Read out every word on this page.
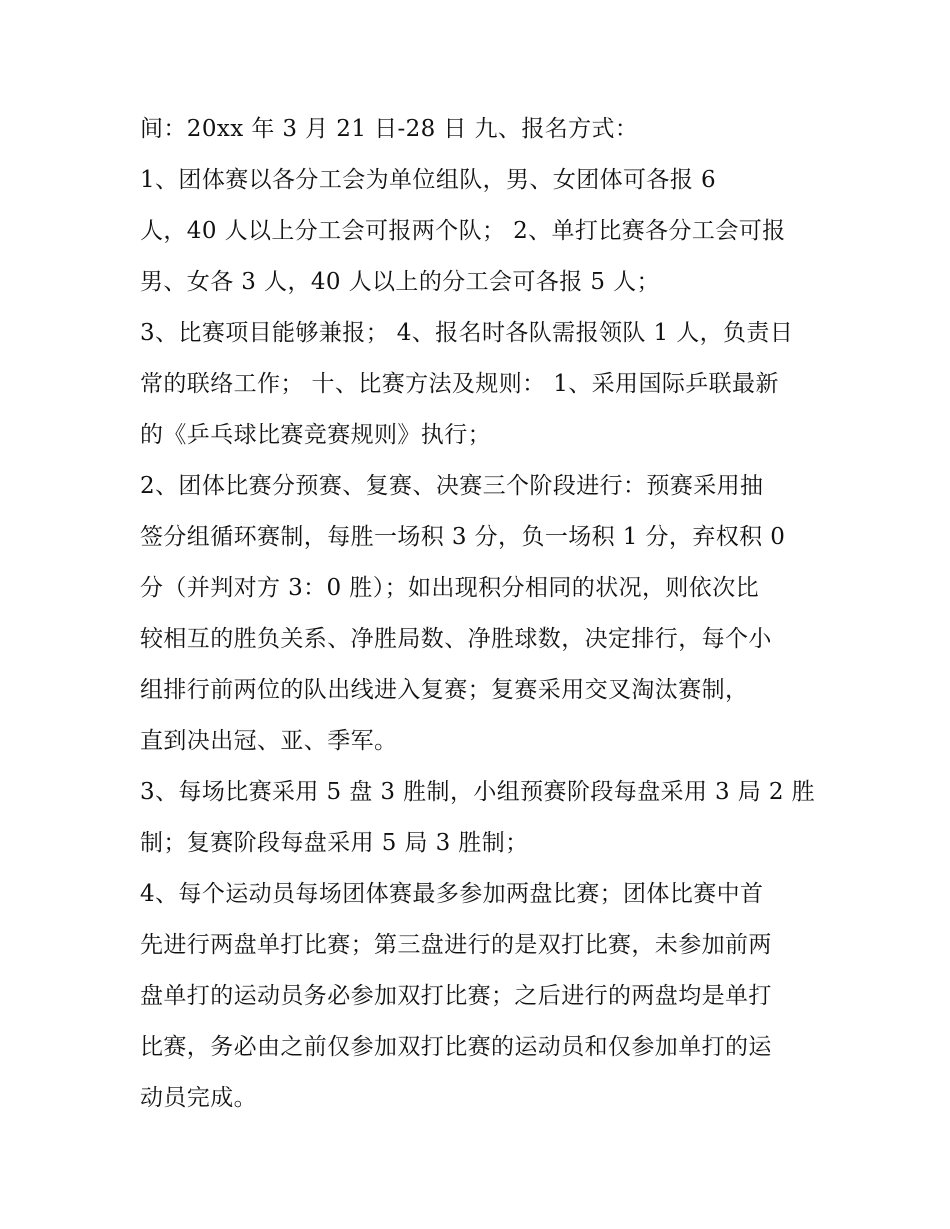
间：20xx 年 3 月 21 日-28 日 九、报名方式：
1、团体赛以各分工会为单位组队，男、女团体可各报 6
人，40 人以上分工会可报两个队； 2、单打比赛各分工会可报
男、女各 3 人，40 人以上的分工会可各报 5 人；
3、比赛项目能够兼报； 4、报名时各队需报领队 1 人，负责日
常的联络工作； 十、比赛方法及规则： 1、采用国际乒联最新
的《乒乓球比赛竞赛规则》执行；
2、团体比赛分预赛、复赛、决赛三个阶段进行：预赛采用抽
签分组循环赛制，每胜一场积 3 分，负一场积 1 分，弃权积 0
分（并判对方 3：0 胜）；如出现积分相同的状况，则依次比
较相互的胜负关系、净胜局数、净胜球数，决定排行，每个小
组排行前两位的队出线进入复赛；复赛采用交叉淘汰赛制，
直到决出冠、亚、季军。
3、每场比赛采用 5 盘 3 胜制，小组预赛阶段每盘采用 3 局 2 胜
制；复赛阶段每盘采用 5 局 3 胜制；
4、每个运动员每场团体赛最多参加两盘比赛；团体比赛中首
先进行两盘单打比赛；第三盘进行的是双打比赛，未参加前两
盘单打的运动员务必参加双打比赛；之后进行的两盘均是单打
比赛，务必由之前仅参加双打比赛的运动员和仅参加单打的运
动员完成。
